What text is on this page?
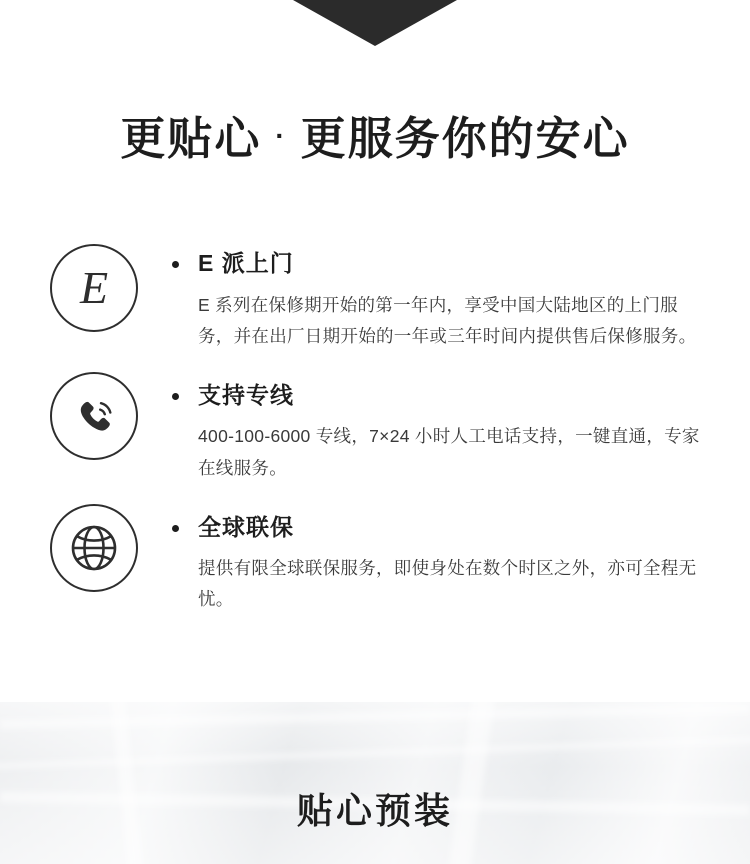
更贴心 · 更服务你的安心
E	E 派上门
E 系列在保修期开始的第一年内，享受中国大陆地区的上门服务，并在出厂日期开始的一年或三年时间内提供售后保修服务。
支持专线
400-100-6000 专线，7×24 小时人工电话支持，一键直通，专家在线服务。
全球联保
提供有限全球联保服务，即使身处在数个时区之外，亦可全程无忧。
贴心预装
